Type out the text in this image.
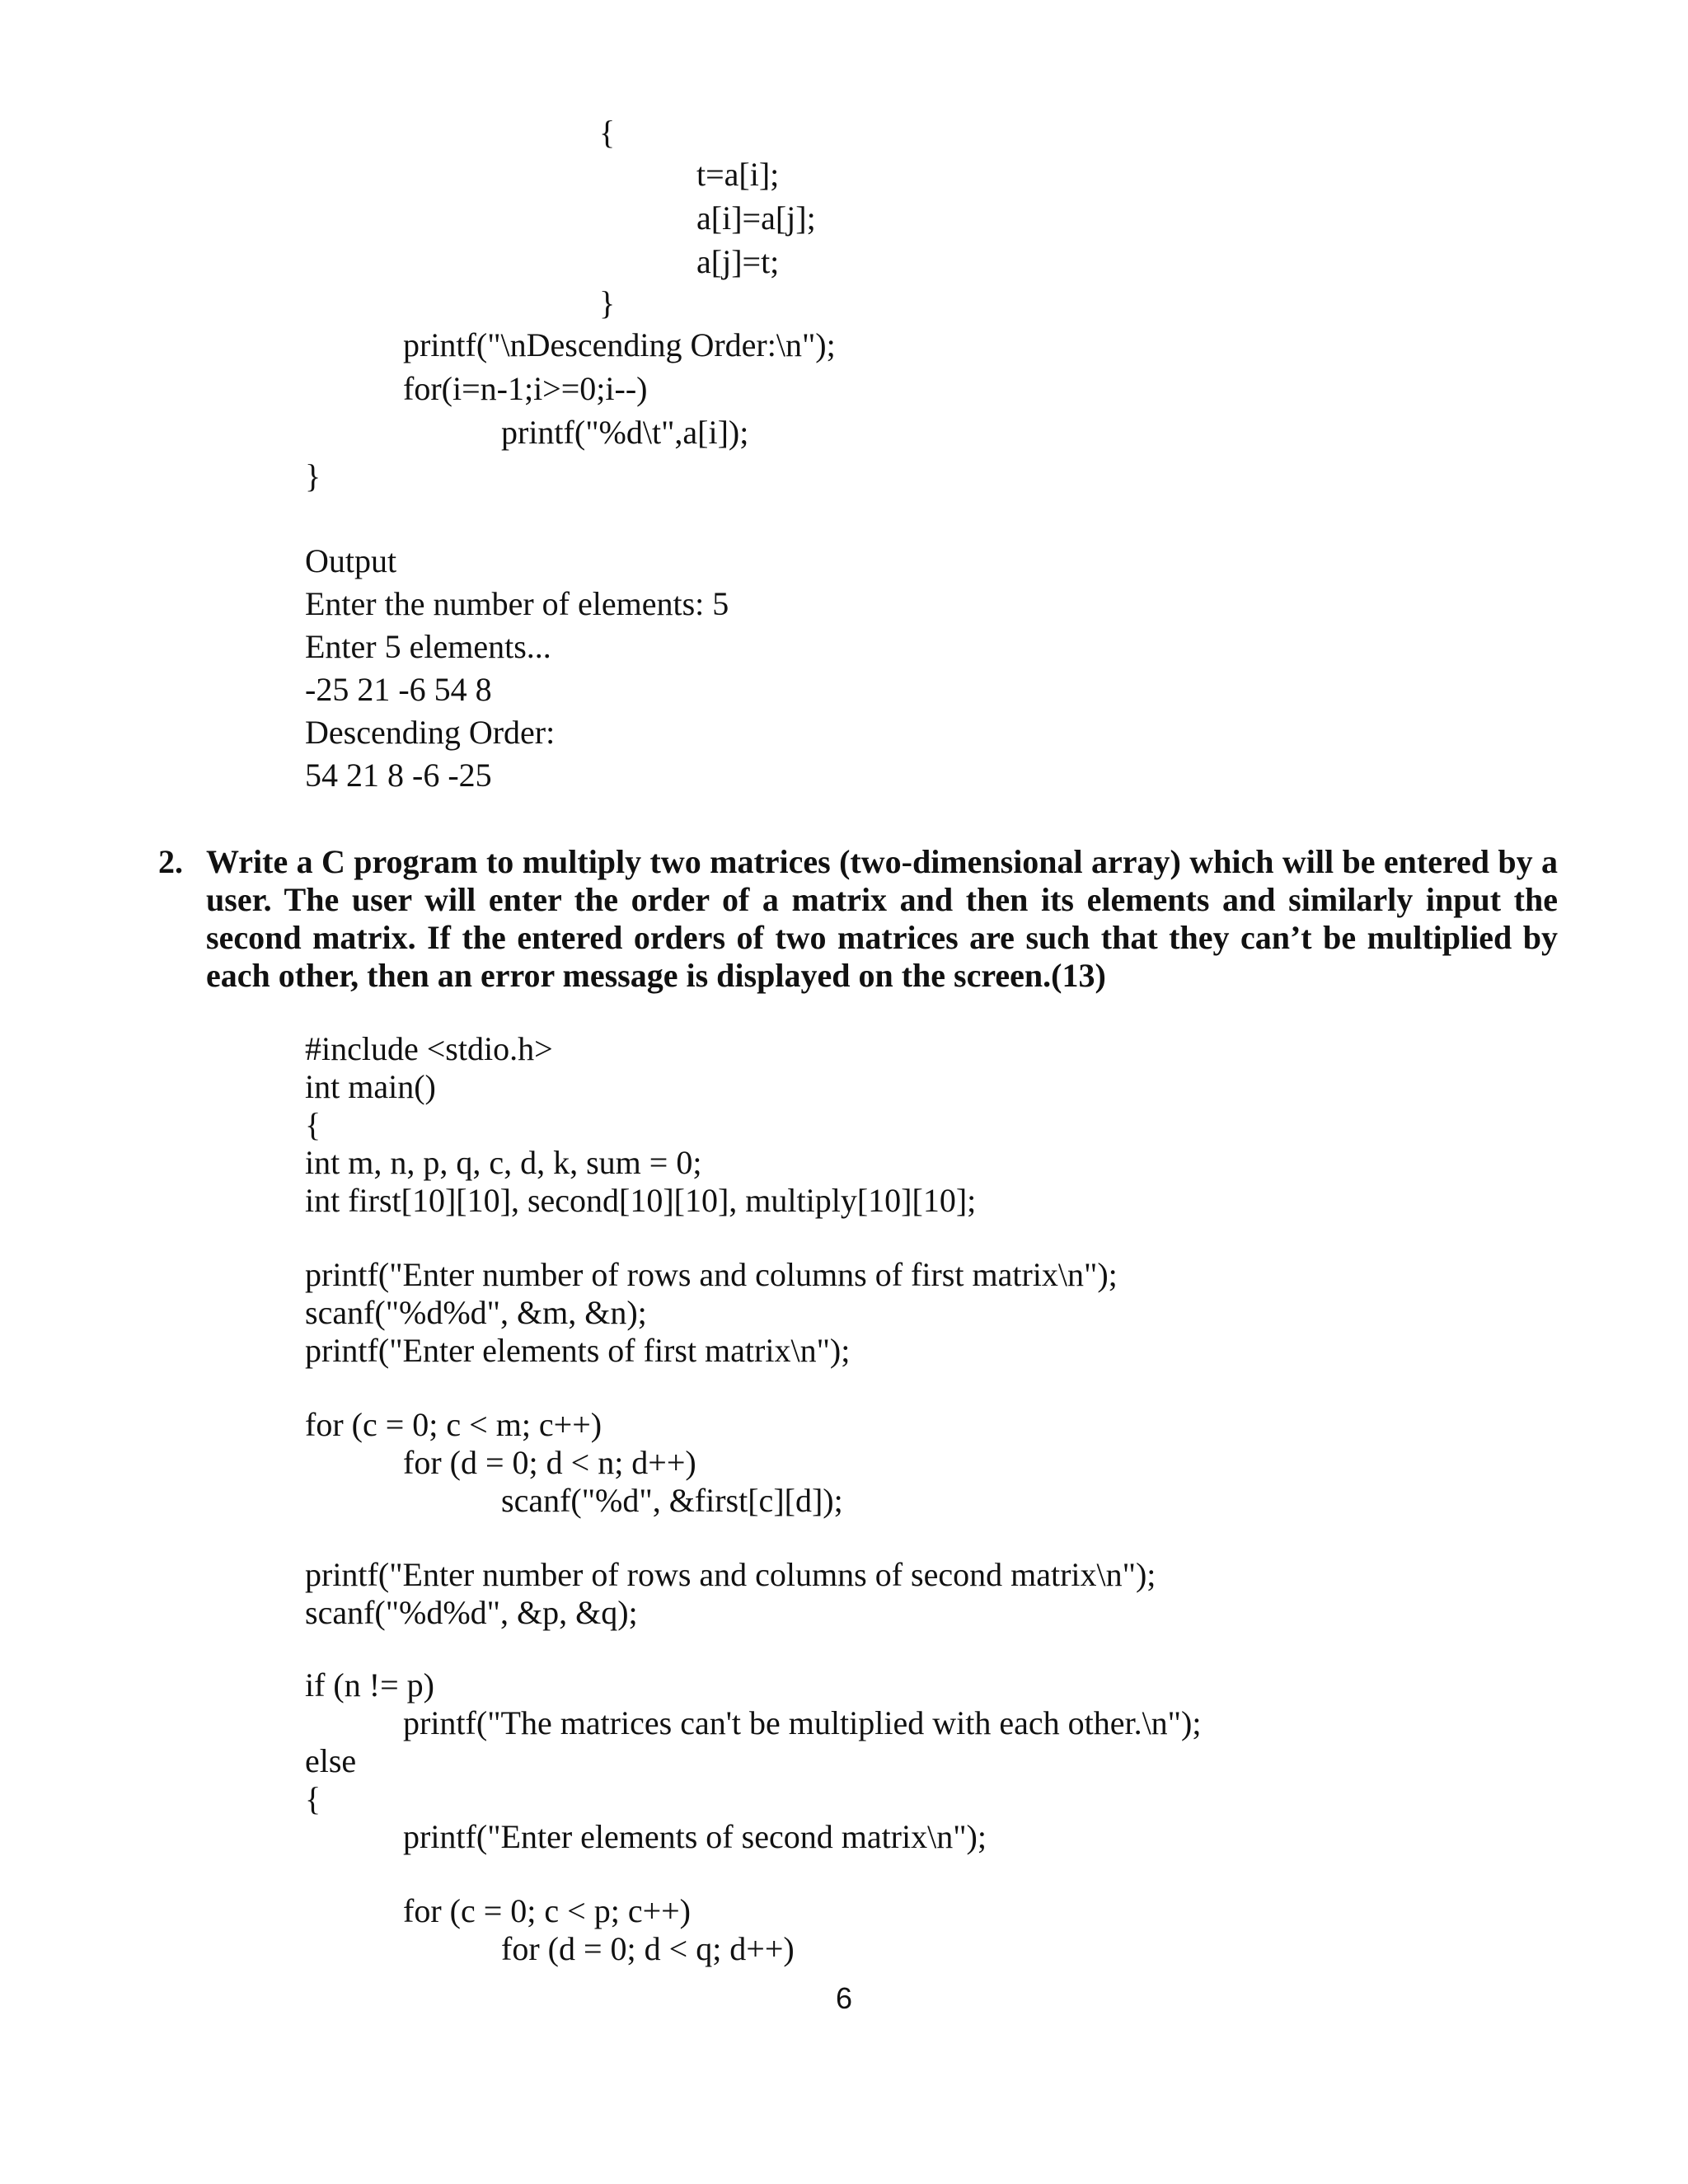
{
t=a[i];
a[i]=a[j];
a[j]=t;
}
printf("\nDescending Order:\n");
for(i=n-1;i>=0;i--)
printf("%d\t",a[i]);
}
Output
Enter the number of elements: 5
Enter 5 elements...
-25 21 -6 54 8
Descending Order:
54 21 8 -6 -25
2. Write a C program to multiply two matrices (two-dimensional array) which will be entered by a user. The user will enter the order of a matrix and then its elements and similarly input the second matrix. If the entered orders of two matrices are such that they can’t be multiplied by each other, then an error message is displayed on the screen.(13)
#include <stdio.h>
int main()
{
int m, n, p, q, c, d, k, sum = 0;
int first[10][10], second[10][10], multiply[10][10];
printf("Enter number of rows and columns of first matrix\n");
scanf("%d%d", &m, &n);
printf("Enter elements of first matrix\n");
for (c = 0; c < m; c++)
for (d = 0; d < n; d++)
scanf("%d", &first[c][d]);
printf("Enter number of rows and columns of second matrix\n");
scanf("%d%d", &p, &q);
if (n != p)
printf("The matrices can't be multiplied with each other.\n");
else
{
printf("Enter elements of second matrix\n");
for (c = 0; c < p; c++)
for (d = 0; d < q; d++)
6
